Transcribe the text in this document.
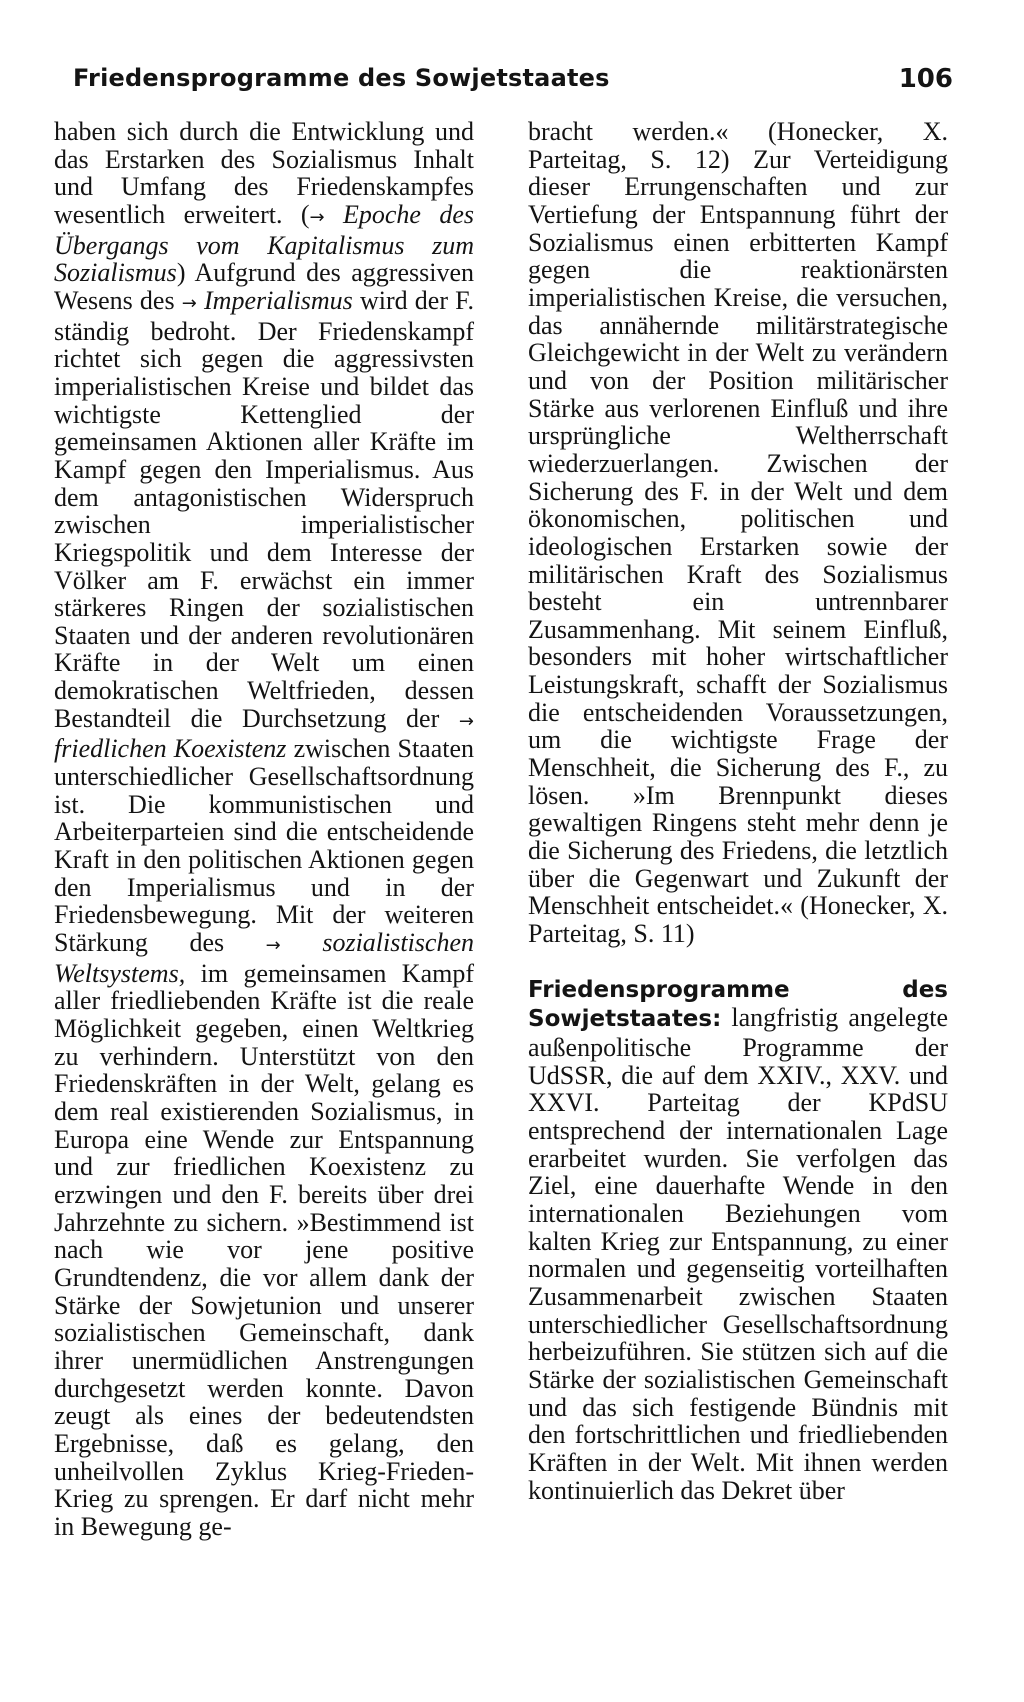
Friedensprogramme des Sowjetstaates	106

haben sich durch die Entwicklung und das Erstarken des Sozialismus Inhalt und Umfang des Friedenskampfes wesentlich erweitert. (→ Epoche des Übergangs vom Kapitalismus zum Sozialismus) Aufgrund des aggressiven Wesens des → Imperialismus wird der F. ständig bedroht. Der Friedenskampf richtet sich gegen die aggressivsten imperialistischen Kreise und bildet das wichtigste Kettenglied der gemeinsamen Aktionen aller Kräfte im Kampf gegen den Imperialismus. Aus dem antagonistischen Widerspruch zwischen imperialistischer Kriegspolitik und dem Interesse der Völker am F. erwächst ein immer stärkeres Ringen der sozialistischen Staaten und der anderen revolutionären Kräfte in der Welt um einen demokratischen Weltfrieden, dessen Bestandteil die Durchsetzung der → friedlichen Koexistenz zwischen Staaten unterschiedlicher Gesellschaftsordnung ist. Die kommunistischen und Arbeiterparteien sind die entscheidende Kraft in den politischen Aktionen gegen den Imperialismus und in der Friedensbewegung. Mit der weiteren Stärkung des → sozialistischen Weltsystems, im gemeinsamen Kampf aller friedliebenden Kräfte ist die reale Möglichkeit gegeben, einen Weltkrieg zu verhindern. Unterstützt von den Friedenskräften in der Welt, gelang es dem real existierenden Sozialismus, in Europa eine Wende zur Entspannung und zur friedlichen Koexistenz zu erzwingen und den F. bereits über drei Jahrzehnte zu sichern. »Bestimmend ist nach wie vor jene positive Grundtendenz, die vor allem dank der Stärke der Sowjetunion und unserer sozialistischen Gemeinschaft, dank ihrer unermüdlichen Anstrengungen durchgesetzt werden konnte. Davon zeugt als eines der bedeutendsten Ergebnisse, daß es gelang, den unheilvollen Zyklus Krieg-Frieden-Krieg zu sprengen. Er darf nicht mehr in Bewegung ge-

bracht werden.« (Honecker, X. Parteitag, S. 12) Zur Verteidigung dieser Errungenschaften und zur Vertiefung der Entspannung führt der Sozialismus einen erbitterten Kampf gegen die reaktionärsten imperialistischen Kreise, die versuchen, das annähernde militärstrategische Gleichgewicht in der Welt zu verändern und von der Position militärischer Stärke aus verlorenen Einfluß und ihre ursprüngliche Weltherrschaft wiederzuerlangen. Zwischen der Sicherung des F. in der Welt und dem ökonomischen, politischen und ideologischen Erstarken sowie der militärischen Kraft des Sozialismus besteht ein untrennbarer Zusammenhang. Mit seinem Einfluß, besonders mit hoher wirtschaftlicher Leistungskraft, schafft der Sozialismus die entscheidenden Voraussetzungen, um die wichtigste Frage der Menschheit, die Sicherung des F., zu lösen. »Im Brennpunkt dieses gewaltigen Ringens steht mehr denn je die Sicherung des Friedens, die letztlich über die Gegenwart und Zukunft der Menschheit entscheidet.« (Honecker, X. Parteitag, S. 11)

Friedensprogramme des Sowjetstaates: langfristig angelegte außenpolitische Programme der UdSSR, die auf dem XXIV., XXV. und XXVI. Parteitag der KPdSU entsprechend der internationalen Lage erarbeitet wurden. Sie verfolgen das Ziel, eine dauerhafte Wende in den internationalen Beziehungen vom kalten Krieg zur Entspannung, zu einer normalen und gegenseitig vorteilhaften Zusammenarbeit zwischen Staaten unterschiedlicher Gesellschaftsordnung herbeizuführen. Sie stützen sich auf die Stärke der sozialistischen Gemeinschaft und das sich festigende Bündnis mit den fortschrittlichen und friedliebenden Kräften in der Welt. Mit ihnen werden kontinuierlich das Dekret über
